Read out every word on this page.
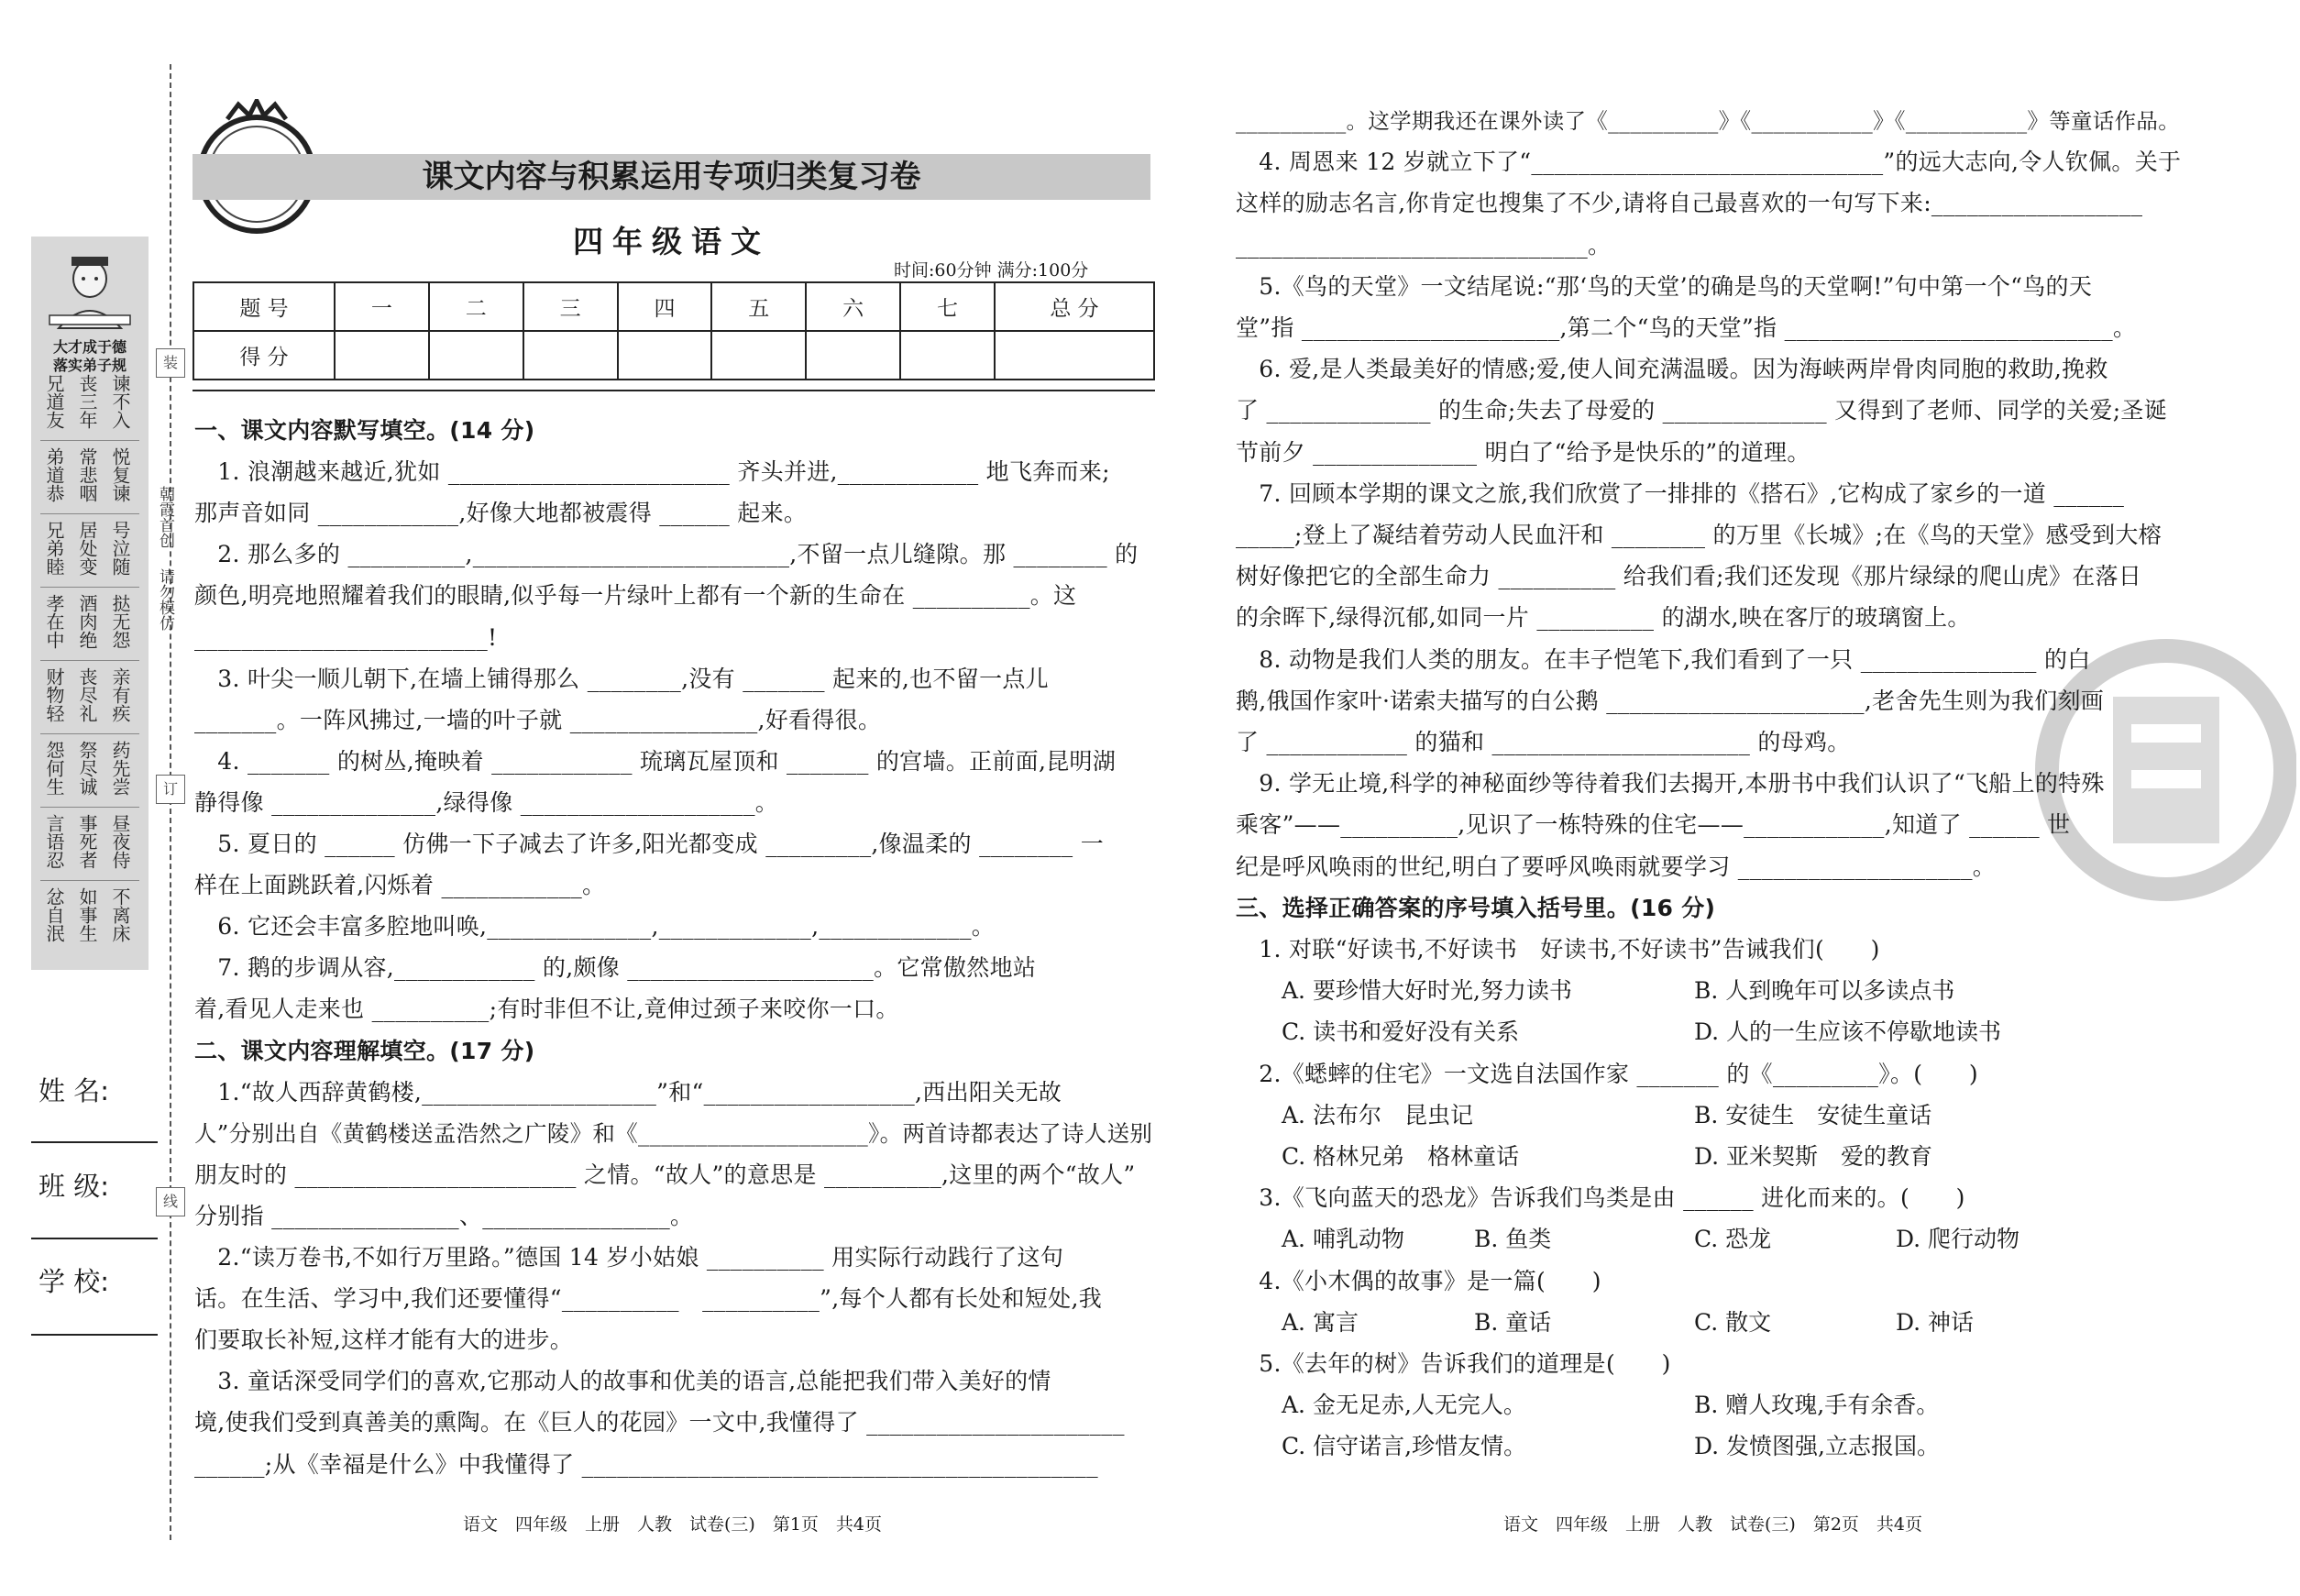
大才成于德
落实弟子规
兄道友 丧三年 谏不入
弟道恭 常悲咽 悦复谏
兄弟睦 居处变 号泣随
孝在中 酒肉绝 挞无怨
财物轻 丧尽礼 亲有疾
怨何生 祭尽诚 药先尝
言语忍 事死者 昼夜侍
忿自泯 如事生 不离床
朝霞首创
请勿模仿
装
订
线
姓 名:
班 级:
学 校:
课文内容与积累运用专项归类复习卷
四年级语文
时间:60分钟 满分:100分
题 号	一	二	三	四	五	六	七	总 分
得 分								
一、课文内容默写填空。(14 分)
　1. 浪潮越来越近,犹如 ________________________ 齐头并进,____________ 地飞奔而来;
那声音如同 ____________,好像大地都被震得 ______ 起来。
　2. 那么多的 __________,___________________________,不留一点儿缝隙。那 ________ 的
颜色,明亮地照耀着我们的眼睛,似乎每一片绿叶上都有一个新的生命在 __________。这
_________________________!
　3. 叶尖一顺儿朝下,在墙上铺得那么 ________,没有 _______ 起来的,也不留一点儿
_______。一阵风拂过,一墙的叶子就 ________________,好看得很。
　4. _______ 的树丛,掩映着 ____________ 琉璃瓦屋顶和 _______ 的宫墙。正前面,昆明湖
静得像 ______________,绿得像 ____________________。
　5. 夏日的 ______ 仿佛一下子减去了许多,阳光都变成 _________,像温柔的 ________ 一
样在上面跳跃着,闪烁着 ____________。
　6. 它还会丰富多腔地叫唤,______________,_____________,_____________。
　7. 鹅的步调从容,____________ 的,颇像 _____________________。它常傲然地站
着,看见人走来也 __________;有时非但不让,竟伸过颈子来咬你一口。
二、课文内容理解填空。(17 分)
　1.“故人西辞黄鹤楼,____________________”和“__________________,西出阳关无故
人”分别出自《黄鹤楼送孟浩然之广陵》和《____________________》。两首诗都表达了诗人送别
朋友时的 ________________________ 之情。“故人”的意思是 __________,这里的两个“故人”
分别指 ________________、________________。
　2.“读万卷书,不如行万里路。”德国 14 岁小姑娘 __________ 用实际行动践行了这句
话。在生活、学习中,我们还要懂得“__________　__________”,每个人都有长处和短处,我
们要取长补短,这样才能有大的进步。
　3. 童话深受同学们的喜欢,它那动人的故事和优美的语言,总能把我们带入美好的情
境,使我们受到真善美的熏陶。在《巨人的花园》一文中,我懂得了 ______________________
______;从《幸福是什么》中我懂得了 ____________________________________________
__________。这学期我还在课外读了《__________》《___________》《___________》等童话作品。
　4. 周恩来 12 岁就立下了“______________________________”的远大志向,令人钦佩。关于
这样的励志名言,你肯定也搜集了不少,请将自己最喜欢的一句写下来:__________________
______________________________。
　5.《鸟的天堂》一文结尾说:“那‘鸟的天堂’的确是鸟的天堂啊!”句中第一个“鸟的天
堂”指 ______________________,第二个“鸟的天堂”指 ____________________________。
　6. 爱,是人类最美好的情感;爱,使人间充满温暖。因为海峡两岸骨肉同胞的救助,挽救
了 ______________ 的生命;失去了母爱的 ______________ 又得到了老师、同学的关爱;圣诞
节前夕 ______________ 明白了“给予是快乐的”的道理。
　7. 回顾本学期的课文之旅,我们欣赏了一排排的《搭石》,它构成了家乡的一道 ______
_____;登上了凝结着劳动人民血汗和 ________ 的万里《长城》;在《鸟的天堂》感受到大榕
树好像把它的全部生命力 __________ 给我们看;我们还发现《那片绿绿的爬山虎》在落日
的余晖下,绿得沉郁,如同一片 __________ 的湖水,映在客厅的玻璃窗上。
　8. 动物是我们人类的朋友。在丰子恺笔下,我们看到了一只 _______________ 的白
鹅,俄国作家叶·诺索夫描写的白公鹅 ______________________,老舍先生则为我们刻画
了 ____________ 的猫和 ______________________ 的母鸡。
　9. 学无止境,科学的神秘面纱等待着我们去揭开,本册书中我们认识了“飞船上的特殊
乘客”——__________,见识了一栋特殊的住宅——____________,知道了 ______ 世
纪是呼风唤雨的世纪,明白了要呼风唤雨就要学习 ____________________。
三、选择正确答案的序号填入括号里。(16 分)
　1. 对联“好读书,不好读书　好读书,不好读书”告诫我们(　　)
A. 要珍惜大好时光,努力读书	B. 人到晚年可以多读点书
C. 读书和爱好没有关系	D. 人的一生应该不停歇地读书
　2.《蟋蟀的住宅》一文选自法国作家 _______ 的《_________》。(　　)
A. 法布尔　昆虫记	B. 安徒生　安徒生童话
C. 格林兄弟　格林童话	D. 亚米契斯　爱的教育
　3.《飞向蓝天的恐龙》告诉我们鸟类是由 ______ 进化而来的。(　　)
A. 哺乳动物	B. 鱼类	C. 恐龙	D. 爬行动物
　4.《小木偶的故事》是一篇(　　)
A. 寓言	B. 童话	C. 散文	D. 神话
　5.《去年的树》告诉我们的道理是(　　)
A. 金无足赤,人无完人。	B. 赠人玫瑰,手有余香。
C. 信守诺言,珍惜友情。	D. 发愤图强,立志报国。
语文　四年级　上册　人教　试卷(三)　第1页　共4页	语文　四年级　上册　人教　试卷(三)　第2页　共4页
